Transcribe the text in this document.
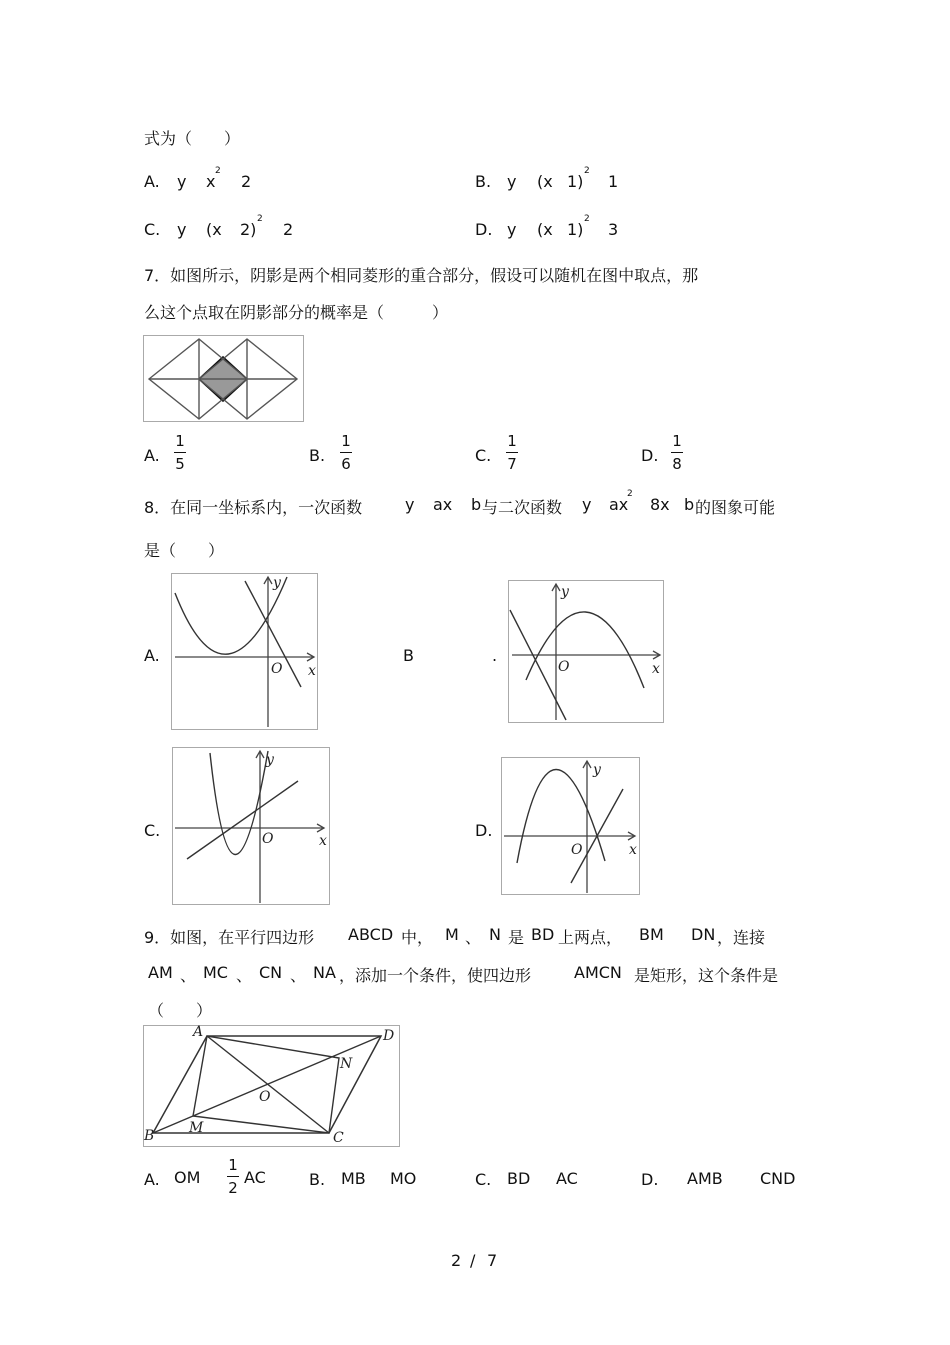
式为（　　）
A. y x
2
2	B. y (x 1)
2
1
C. y (x 2)
2
2	D. y (x 1)
2
3
7．如图所示，阴影是两个相同菱形的重合部分，假设可以随机在图中取点，那
么这个点取在阴影部分的概率是（　　　）
A.
1
5	B.
1
6	C.
1
7	D.
1
8
8．在同一坐标系内，一次函数	y ax b 与二次函数 y ax
2
8x b 的图象可能
是（　　）
A.	B	.
C.	D.
y
x
O
y
x
O
y
x
O
y
x
O
9．如图，在平行四边形 ABCD 中， M 、 N 是 BD 上两点， BM DN ，连接
AM 、 MC 、 CN 、 NA ，添加一个条件，使四边形	AMCN 是矩形，这个条件是
（　　）
A	D
B	C
M
N
O
A. OM
1
2
AC	B. MB MO	C. BD AC	D. AMB CND
2 / 7
